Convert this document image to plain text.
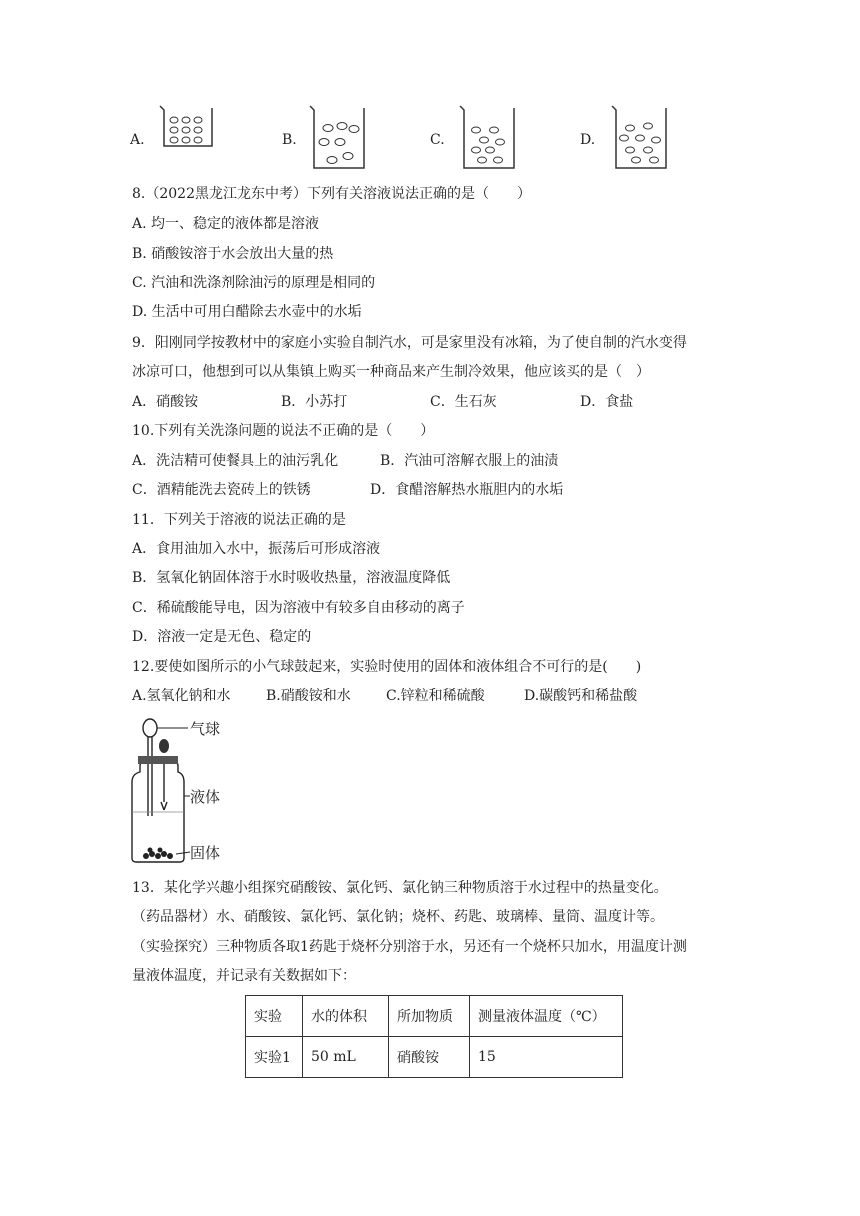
A.	B.	C.	D.
8.（2022黑龙江龙东中考）下列有关溶液说法正确的是（　　）
A. 均一、稳定的液体都是溶液
B. 硝酸铵溶于水会放出大量的热
C. 汽油和洗涤剂除油污的原理是相同的
D. 生活中可用白醋除去水壶中的水垢
9．阳刚同学按教材中的家庭小实验自制汽水，可是家里没有冰箱，为了使自制的汽水变得
冰凉可口，他想到可以从集镇上购买一种商品来产生制冷效果，他应该买的是（　）
A．硝酸铵	B．小苏打	C．生石灰	D．食盐
10.下列有关洗涤问题的说法不正确的是（　　）
A．洗洁精可使餐具上的油污乳化	B．汽油可溶解衣服上的油渍
C．酒精能洗去瓷砖上的铁锈	D．食醋溶解热水瓶胆内的水垢
11．下列关于溶液的说法正确的是
A．食用油加入水中，振荡后可形成溶液
B．氢氧化钠固体溶于水时吸收热量，溶液温度降低
C．稀硫酸能导电，因为溶液中有较多自由移动的离子
D．溶液一定是无色、稳定的
12.要使如图所示的小气球鼓起来，实验时使用的固体和液体组合不可行的是(　　)
A.氢氧化钠和水	B.硝酸铵和水	C.锌粒和稀硫酸	D.碳酸钙和稀盐酸
气球
液体
固体
13．某化学兴趣小组探究硝酸铵、氯化钙、氯化钠三种物质溶于水过程中的热量变化。
（药品器材）水、硝酸铵、氯化钙、氯化钠；烧杯、药匙、玻璃棒、量筒、温度计等。
（实验探究）三种物质各取1药匙于烧杯分别溶于水，另还有一个烧杯只加水，用温度计测
量液体温度，并记录有关数据如下：
实验	水的体积	所加物质	测量液体温度（℃）
实验1	50 mL	硝酸铵	15
